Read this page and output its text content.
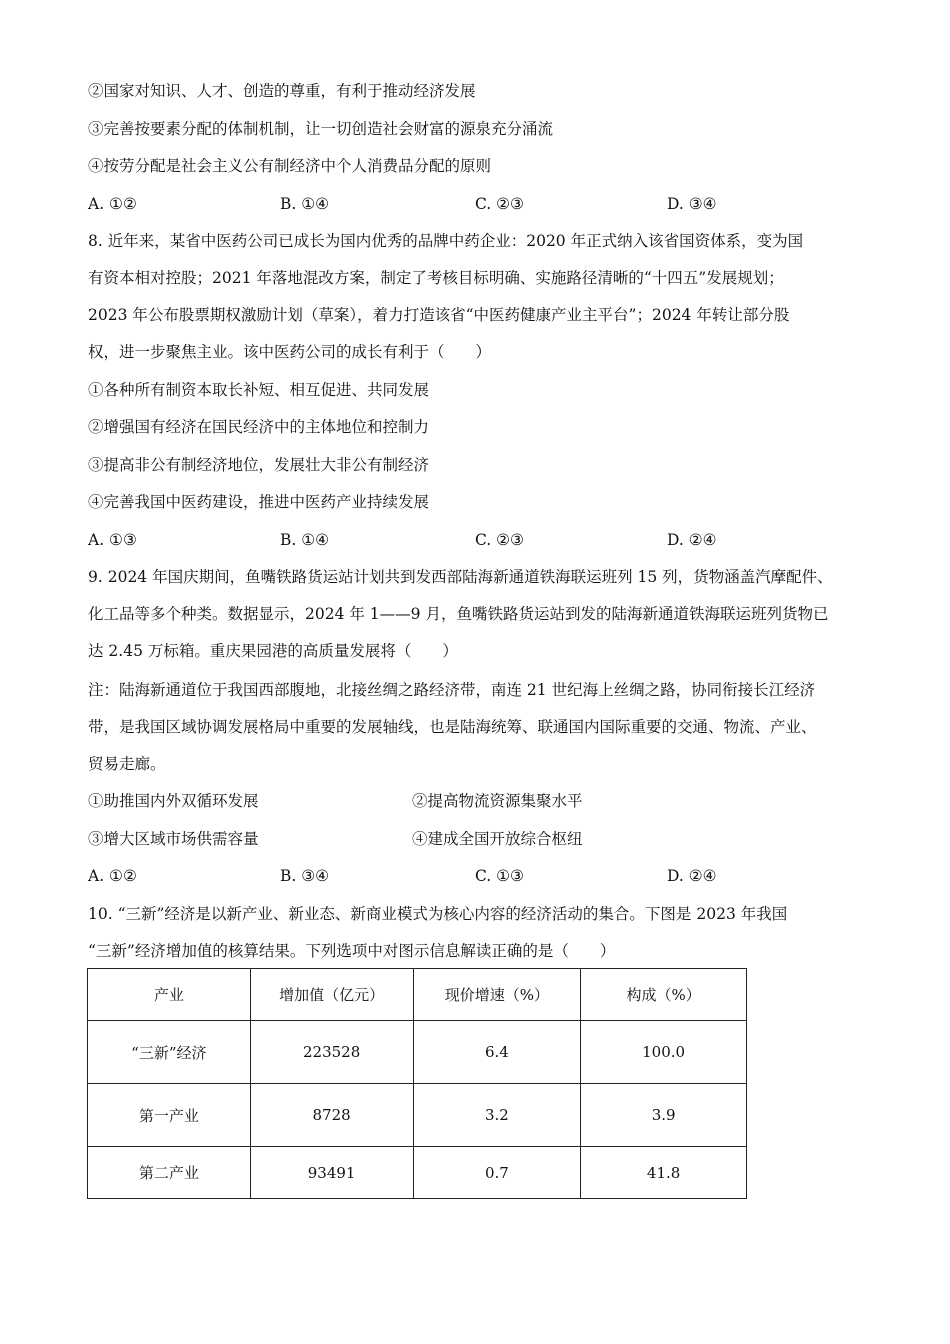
②国家对知识、人才、创造的尊重，有利于推动经济发展
③完善按要素分配的体制机制，让一切创造社会财富的源泉充分涌流
④按劳分配是社会主义公有制经济中个人消费品分配的原则
A. ①②	B. ①④	C. ②③	D. ③④
8. 近年来，某省中医药公司已成长为国内优秀的品牌中药企业：2020 年正式纳入该省国资体系，变为国
有资本相对控股；2021 年落地混改方案，制定了考核目标明确、实施路径清晰的“十四五”发展规划；
2023 年公布股票期权激励计划（草案），着力打造该省“中医药健康产业主平台”；2024 年转让部分股
权，进一步聚焦主业。该中医药公司的成长有利于（　　）
①各种所有制资本取长补短、相互促进、共同发展
②增强国有经济在国民经济中的主体地位和控制力
③提高非公有制经济地位，发展壮大非公有制经济
④完善我国中医药建设，推进中医药产业持续发展
A. ①③	B. ①④	C. ②③	D. ②④
9. 2024 年国庆期间，鱼嘴铁路货运站计划共到发西部陆海新通道铁海联运班列 15 列，货物涵盖汽摩配件、
化工品等多个种类。数据显示，2024 年 1——9 月，鱼嘴铁路货运站到发的陆海新通道铁海联运班列货物已
达 2.45 万标箱。重庆果园港的高质量发展将（　　）
注：陆海新通道位于我国西部腹地，北接丝绸之路经济带，南连 21 世纪海上丝绸之路，协同衔接长江经济
带，是我国区域协调发展格局中重要的发展轴线，也是陆海统筹、联通国内国际重要的交通、物流、产业、
贸易走廊。
①助推国内外双循环发展	②提高物流资源集聚水平
③增大区域市场供需容量	④建成全国开放综合枢纽
A. ①②	B. ③④	C. ①③	D. ②④
10. “三新”经济是以新产业、新业态、新商业模式为核心内容的经济活动的集合。下图是 2023 年我国
“三新”经济增加值的核算结果。下列选项中对图示信息解读正确的是（　　）
产业	增加值（亿元）	现价增速（%）	构成（%）
“三新”经济	223528	6.4	100.0
第一产业	8728	3.2	3.9
第二产业	93491	0.7	41.8
